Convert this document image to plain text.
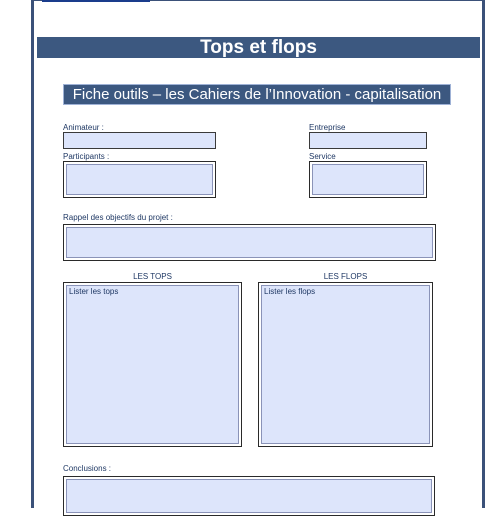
Tops et flops
Fiche outils – les Cahiers de l’Innovation - capitalisation
Animateur :	Entreprise
Participants :	Service
Rappel des objectifs du projet :
LES TOPS
Lister les tops
LES FLOPS
Lister les flops
Conclusions :
